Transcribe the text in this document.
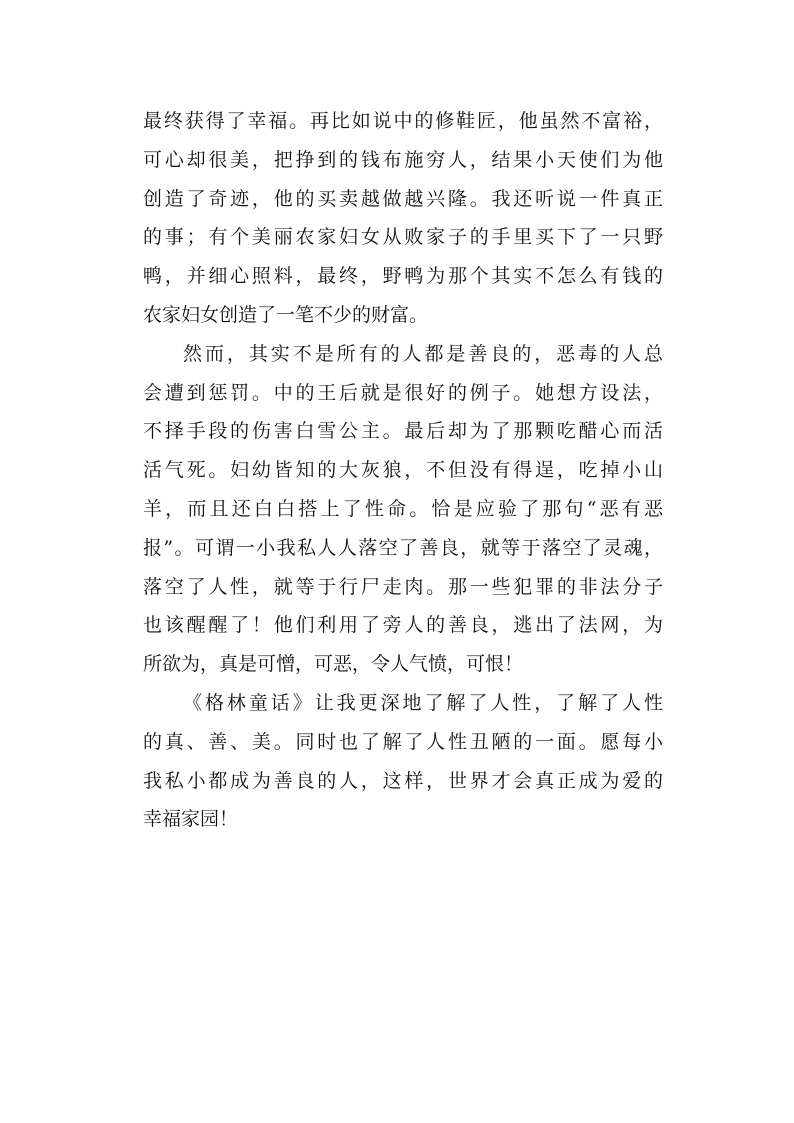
最终获得了幸福。再比如说中的修鞋匠，他虽然不富裕，
可心却很美，把挣到的钱布施穷人，结果小天使们为他
创造了奇迹，他的买卖越做越兴隆。我还听说一件真正
的事；有个美丽农家妇女从败家子的手里买下了一只野
鸭，并细心照料，最终，野鸭为那个其实不怎么有钱的
农家妇女创造了一笔不少的财富。
然而，其实不是所有的人都是善良的，恶毒的人总
会遭到惩罚。中的王后就是很好的例子。她想方设法，
不择手段的伤害白雪公主。最后却为了那颗吃醋心而活
活气死。妇幼皆知的大灰狼，不但没有得逞，吃掉小山
羊，而且还白白搭上了性命。恰是应验了那句“恶有恶
报”。可谓一小我私人人落空了善良，就等于落空了灵魂，
落空了人性，就等于行尸走肉。那一些犯罪的非法分子
也该醒醒了！他们利用了旁人的善良，逃出了法网，为
所欲为，真是可憎，可恶，令人气愤，可恨！
《格林童话》让我更深地了解了人性，了解了人性
的真、善、美。同时也了解了人性丑陋的一面。愿每小
我私小都成为善良的人，这样，世界才会真正成为爱的
幸福家园！
